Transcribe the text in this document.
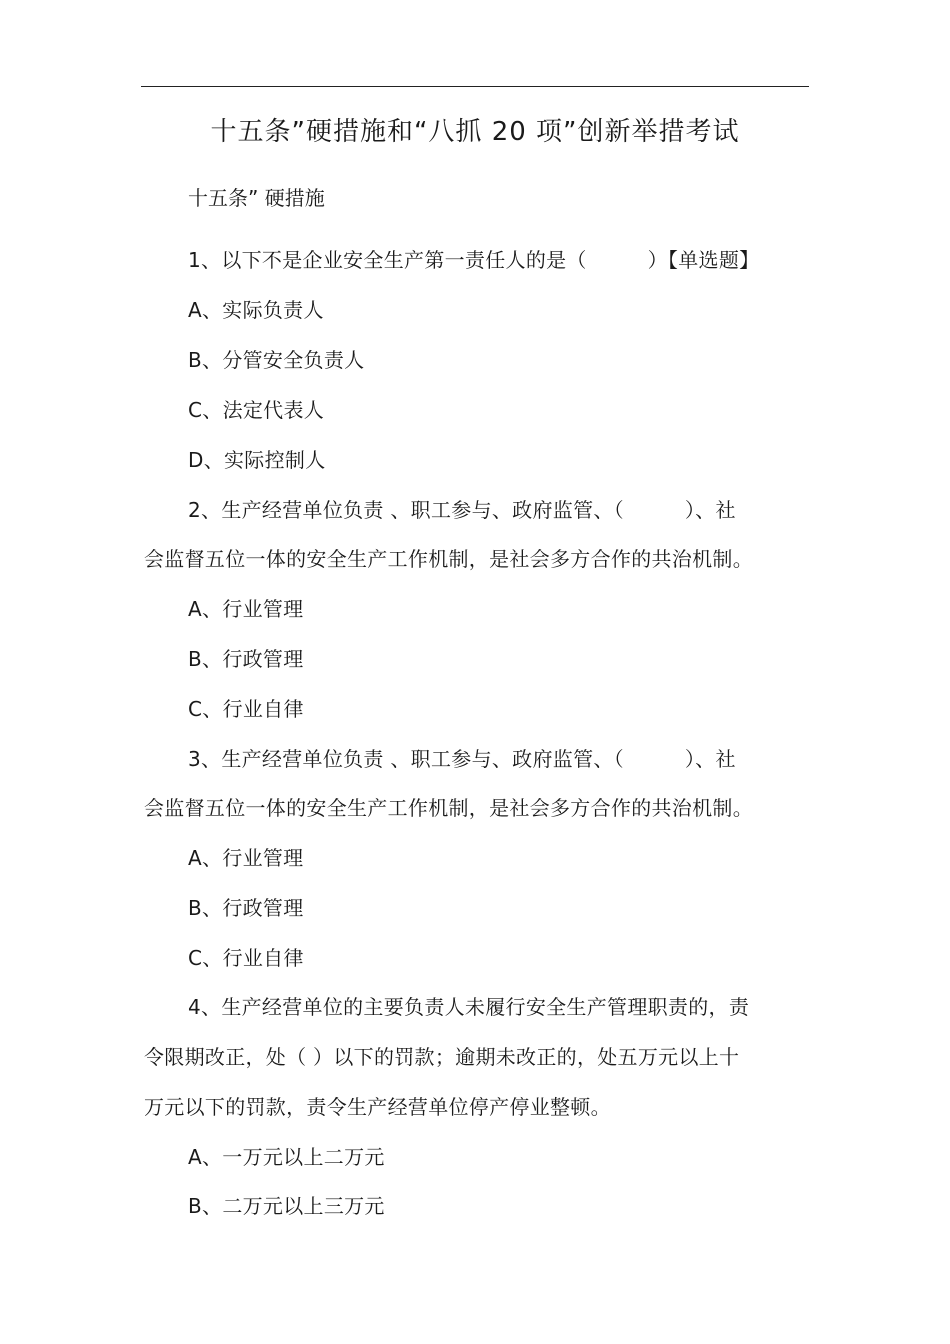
十五条”硬措施和“八抓 20 项”创新举措考试
十五条” 硬措施
1、以下不是企业安全生产第一责任人的是（　　　）【单选题】
A、实际负责人
B、分管安全负责人
C、法定代表人
D、实际控制人
2、生产经营单位负责 、职工参与、政府监管、（　　　）、社
会监督五位一体的安全生产工作机制，是社会多方合作的共治机制。
A、行业管理
B、行政管理
C、行业自律
3、生产经营单位负责 、职工参与、政府监管、（　　　）、社
会监督五位一体的安全生产工作机制，是社会多方合作的共治机制。
A、行业管理
B、行政管理
C、行业自律
4、生产经营单位的主要负责人未履行安全生产管理职责的，责
令限期改正，处（ ）以下的罚款；逾期未改正的，处五万元以上十
万元以下的罚款，责令生产经营单位停产停业整顿。
A、一万元以上二万元
B、二万元以上三万元
